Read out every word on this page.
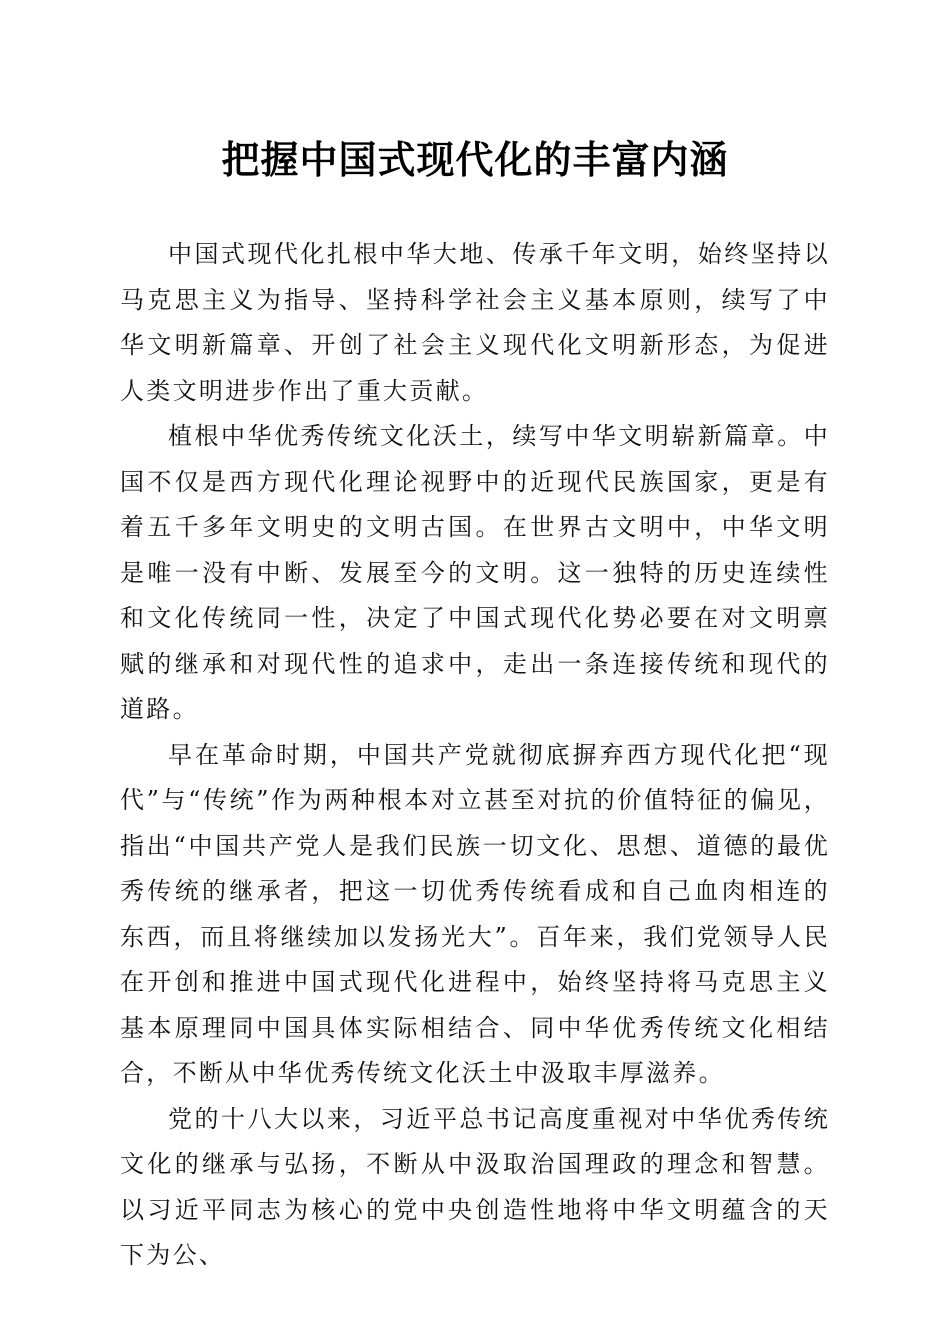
把握中国式现代化的丰富内涵

中国式现代化扎根中华大地、传承千年文明，始终坚持以马克思主义为指导、坚持科学社会主义基本原则，续写了中华文明新篇章、开创了社会主义现代化文明新形态，为促进人类文明进步作出了重大贡献。

植根中华优秀传统文化沃土，续写中华文明崭新篇章。中国不仅是西方现代化理论视野中的近现代民族国家，更是有着五千多年文明史的文明古国。在世界古文明中，中华文明是唯一没有中断、发展至今的文明。这一独特的历史连续性和文化传统同一性，决定了中国式现代化势必要在对文明禀赋的继承和对现代性的追求中，走出一条连接传统和现代的道路。

早在革命时期，中国共产党就彻底摒弃西方现代化把“现代”与“传统”作为两种根本对立甚至对抗的价值特征的偏见，指出“中国共产党人是我们民族一切文化、思想、道德的最优秀传统的继承者，把这一切优秀传统看成和自己血肉相连的东西，而且将继续加以发扬光大”。百年来，我们党领导人民在开创和推进中国式现代化进程中，始终坚持将马克思主义基本原理同中国具体实际相结合、同中华优秀传统文化相结合，不断从中华优秀传统文化沃土中汲取丰厚滋养。

党的十八大以来，习近平总书记高度重视对中华优秀传统文化的继承与弘扬，不断从中汲取治国理政的理念和智慧。以习近平同志为核心的党中央创造性地将中华文明蕴含的天下为公、
